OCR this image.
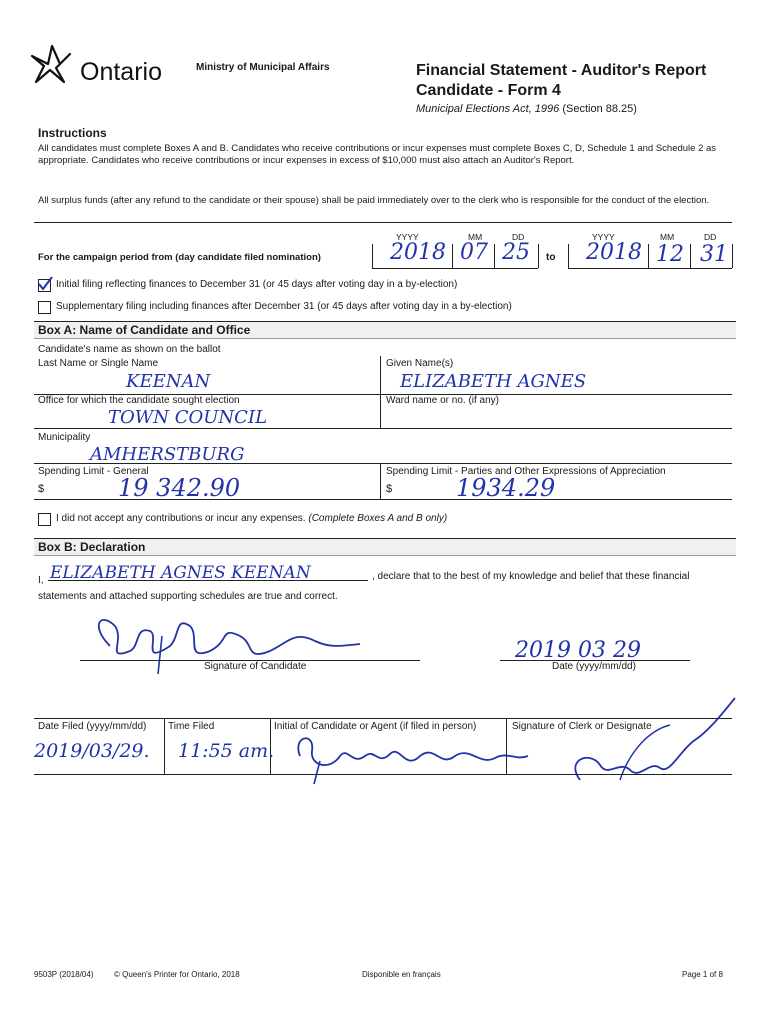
Ontario	Ministry of Municipal Affairs	Financial Statement - Auditor's Report
Candidate - Form 4
Municipal Elections Act, 1996 (Section 88.25)
Instructions
All candidates must complete Boxes A and B. Candidates who receive contributions or incur expenses must complete Boxes C, D, Schedule 1 and Schedule 2 as appropriate. Candidates who receive contributions or incur expenses in excess of $10,000 must also attach an Auditor's Report.
All surplus funds (after any refund to the candidate or their spouse) shall be paid immediately over to the clerk who is responsible for the conduct of the election.
For the campaign period from (day candidate filed nomination)
YYYY	MM	DD	YYYY	MM	DD
to
2018 07 25	2018 12 31
Initial filing reflecting finances to December 31 (or 45 days after voting day in a by-election)
Supplementary filing including finances after December 31 (or 45 days after voting day in a by-election)
Box A: Name of Candidate and Office
Candidate's name as shown on the ballot
Last Name or Single Name
KEENAN
Given Name(s)
ELIZABETH AGNES
Office for which the candidate sought election
TOWN COUNCIL
Ward name or no. (if any)
Municipality
AMHERSTBURG
Spending Limit - General
$	19 342.90
Spending Limit - Parties and Other Expressions of Appreciation
$	1934.29
I did not accept any contributions or incur any expenses. (Complete Boxes A and B only)
Box B: Declaration
I, ELIZABETH AGNES KEENAN	, declare that to the best of my knowledge and belief that these financial
statements and attached supporting schedules are true and correct.
Signature of Candidate
2019 03 29
Date (yyyy/mm/dd)
Date Filed (yyyy/mm/dd)
2019/03/29.
Time Filed
11:55 am.
Initial of Candidate or Agent (if filed in person)	Signature of Clerk or Designate
9503P (2018/04)	© Queen's Printer for Ontario, 2018	Disponible en français	Page 1 of 8
